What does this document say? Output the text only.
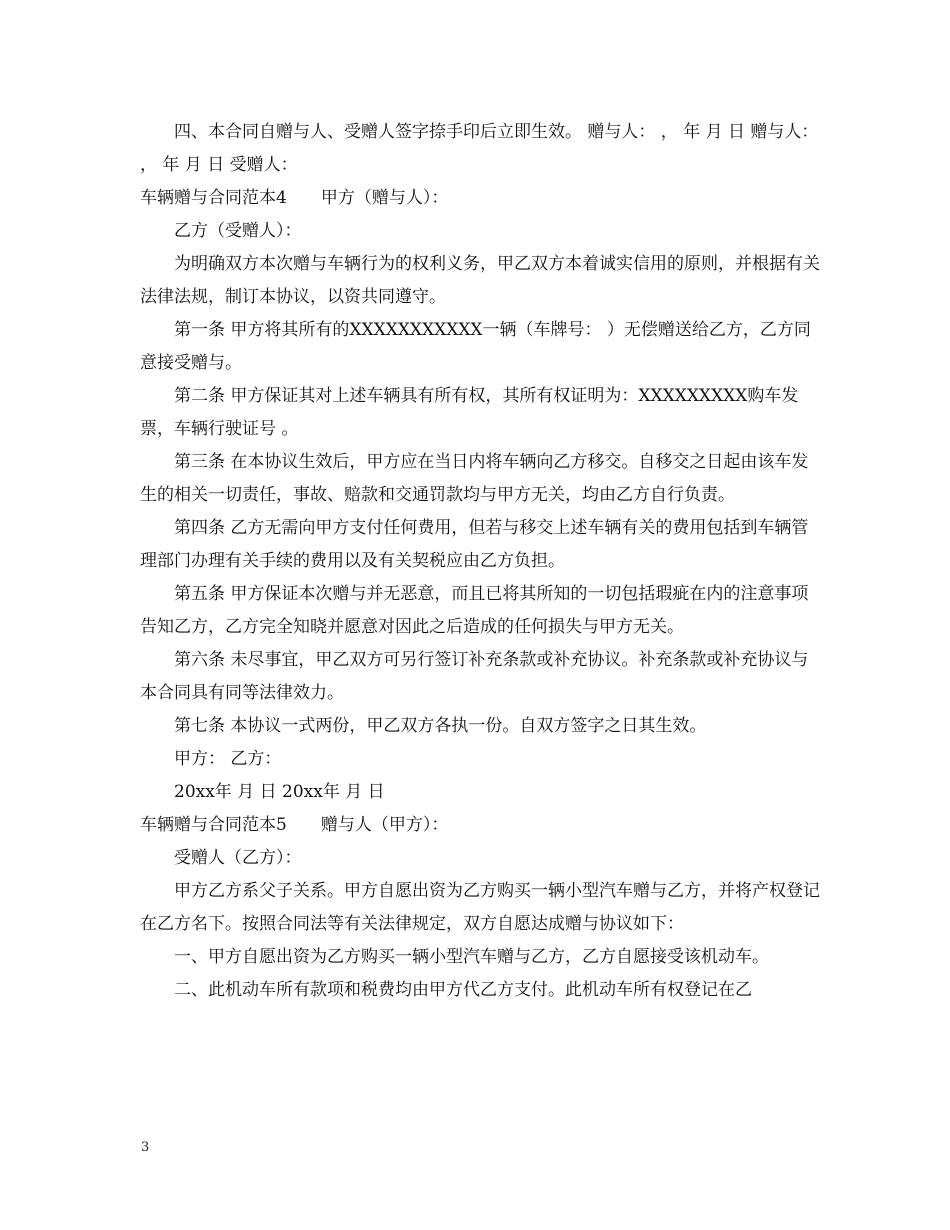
四、本合同自赠与人、受赠人签字捺手印后立即生效。 赠与人： ， 年 月 日 赠与人： ， 年 月 日 受赠人：

车辆赠与合同范本4　　甲方（赠与人）：

乙方（受赠人）：

为明确双方本次赠与车辆行为的权利义务，甲乙双方本着诚实信用的原则，并根据有关法律法规，制订本协议，以资共同遵守。

第一条 甲方将其所有的XXXXXXXXXXX一辆（车牌号： ）无偿赠送给乙方，乙方同意接受赠与。

第二条 甲方保证其对上述车辆具有所有权，其所有权证明为：XXXXXXXXX购车发票，车辆行驶证号 。

第三条 在本协议生效后，甲方应在当日内将车辆向乙方移交。自移交之日起由该车发生的相关一切责任，事故、赔款和交通罚款均与甲方无关，均由乙方自行负责。

第四条 乙方无需向甲方支付任何费用，但若与移交上述车辆有关的费用包括到车辆管理部门办理有关手续的费用以及有关契税应由乙方负担。

第五条 甲方保证本次赠与并无恶意，而且已将其所知的一切包括瑕疵在内的注意事项告知乙方，乙方完全知晓并愿意对因此之后造成的任何损失与甲方无关。

第六条 未尽事宜，甲乙双方可另行签订补充条款或补充协议。补充条款或补充协议与本合同具有同等法律效力。

第七条 本协议一式两份，甲乙双方各执一份。自双方签字之日其生效。

甲方： 乙方：

20xx年 月 日 20xx年 月 日

车辆赠与合同范本5　　赠与人（甲方）：

受赠人（乙方）：

甲方乙方系父子关系。甲方自愿出资为乙方购买一辆小型汽车赠与乙方，并将产权登记在乙方名下。按照合同法等有关法律规定，双方自愿达成赠与协议如下：

一、甲方自愿出资为乙方购买一辆小型汽车赠与乙方，乙方自愿接受该机动车。

二、此机动车所有款项和税费均由甲方代乙方支付。此机动车所有权登记在乙

3
